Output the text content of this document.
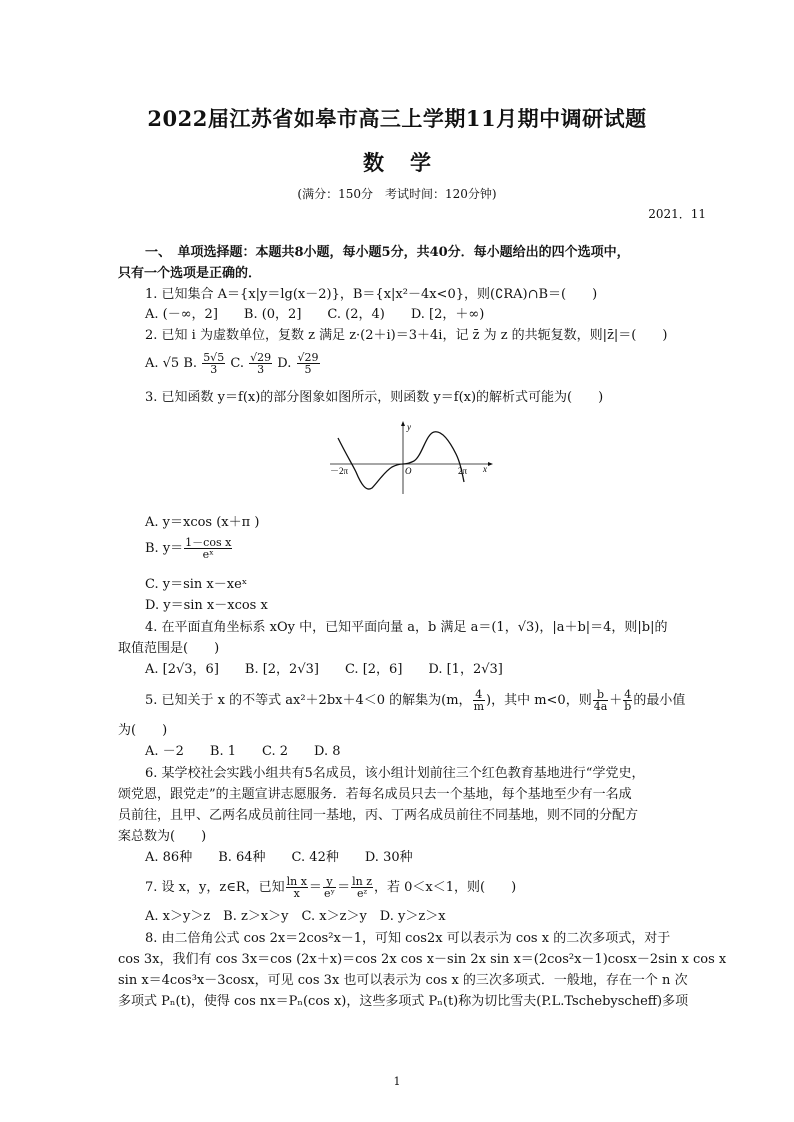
2022届江苏省如皋市高三上学期11月期中调研试题
数学
(满分：150分　考试时间：120分钟)
2021．11
一、　单项选择题：本题共8小题，每小题5分，共40分．每小题给出的四个选项中，
只有一个选项是正确的．
1. 已知集合 A＝{x|y＝lg(x－2)}，B＝{x|x²－4x<0}，则(∁RA)∩B＝(　　)
A. (－∞，2]　　B. (0，2]　　C. (2，4)　　D. [2，＋∞)
2. 已知 i 为虚数单位，复数 z 满足 z·(2＋i)＝3＋4i，记 z̄ 为 z 的共轭复数，则|z̄|＝(　　)
A. √5 B. $\frac{5√5}{3} C$. $\frac{√29}{3} D$. $\frac{√29}{5}$
3. 已知函数 y＝f(x)的部分图象如图所示，则函数 y＝f(x)的解析式可能为(　　)
y
x
O
－2π	2π
A. y＝xcos (x＋π )
B. $y= \frac{\text{1－cos x}}{\text{eˣ}}$
C. y＝sin x－xeˣ
D. y＝sin x－xcos x
4. 在平面直角坐标系 xOy 中，已知平面向量 a，b 满足 a＝(1，√3)，|a＋b|＝4，则|b|的
取值范围是(　　)
A. [2√3，6]　　B. [2，2√3]　　C. [2，6]　　D. [1，2√3]
5. 已知关于 x 的不等式 ax²＋2bx＋4＜0 的解集为(m， $\frac{4}{m}$ )，其中 m<0，则 $\frac{b}{4a} + \frac{4}{b}$ 的最小值
为(　　)
A. －2　　B. 1　　C. 2　　D. 8
6. 某学校社会实践小组共有5名成员，该小组计划前往三个红色教育基地进行“学党史，
颂党恩，跟党走”的主题宣讲志愿服务．若每名成员只去一个基地，每个基地至少有一名成
员前往，且甲、乙两名成员前往同一基地，丙、丁两名成员前往不同基地，则不同的分配方
案总数为(　　)
A. 86种　　B. 64种　　C. 42种　　D. 30种
7. 设 x，y，z∈R，已知 $\frac{\text{ln x}}{x} = \frac{y}{\text{eʸ}} = \frac{\text{ln z}}{\text{eᶻ}}$ ，若 0＜x＜1，则(　　)
A. x＞y＞z　B. z＞x＞y　C. x＞z＞y　D. y＞z＞x
8. 由二倍角公式 cos 2x＝2cos²x－1，可知 cos2x 可以表示为 cos x 的二次多项式，对于
cos 3x，我们有 cos 3x＝cos (2x＋x)＝cos 2x cos x－sin 2x sin x＝(2cos²x－1)cosx－2sin x cos x
sin x＝4cos³x－3cosx，可见 cos 3x 也可以表示为 cos x 的三次多项式．一般地，存在一个 n 次
多项式 Pₙ(t)，使得 cos nx＝Pₙ(cos x)，这些多项式 Pₙ(t)称为切比雪夫(P.L.Tschebyscheff)多项
1
